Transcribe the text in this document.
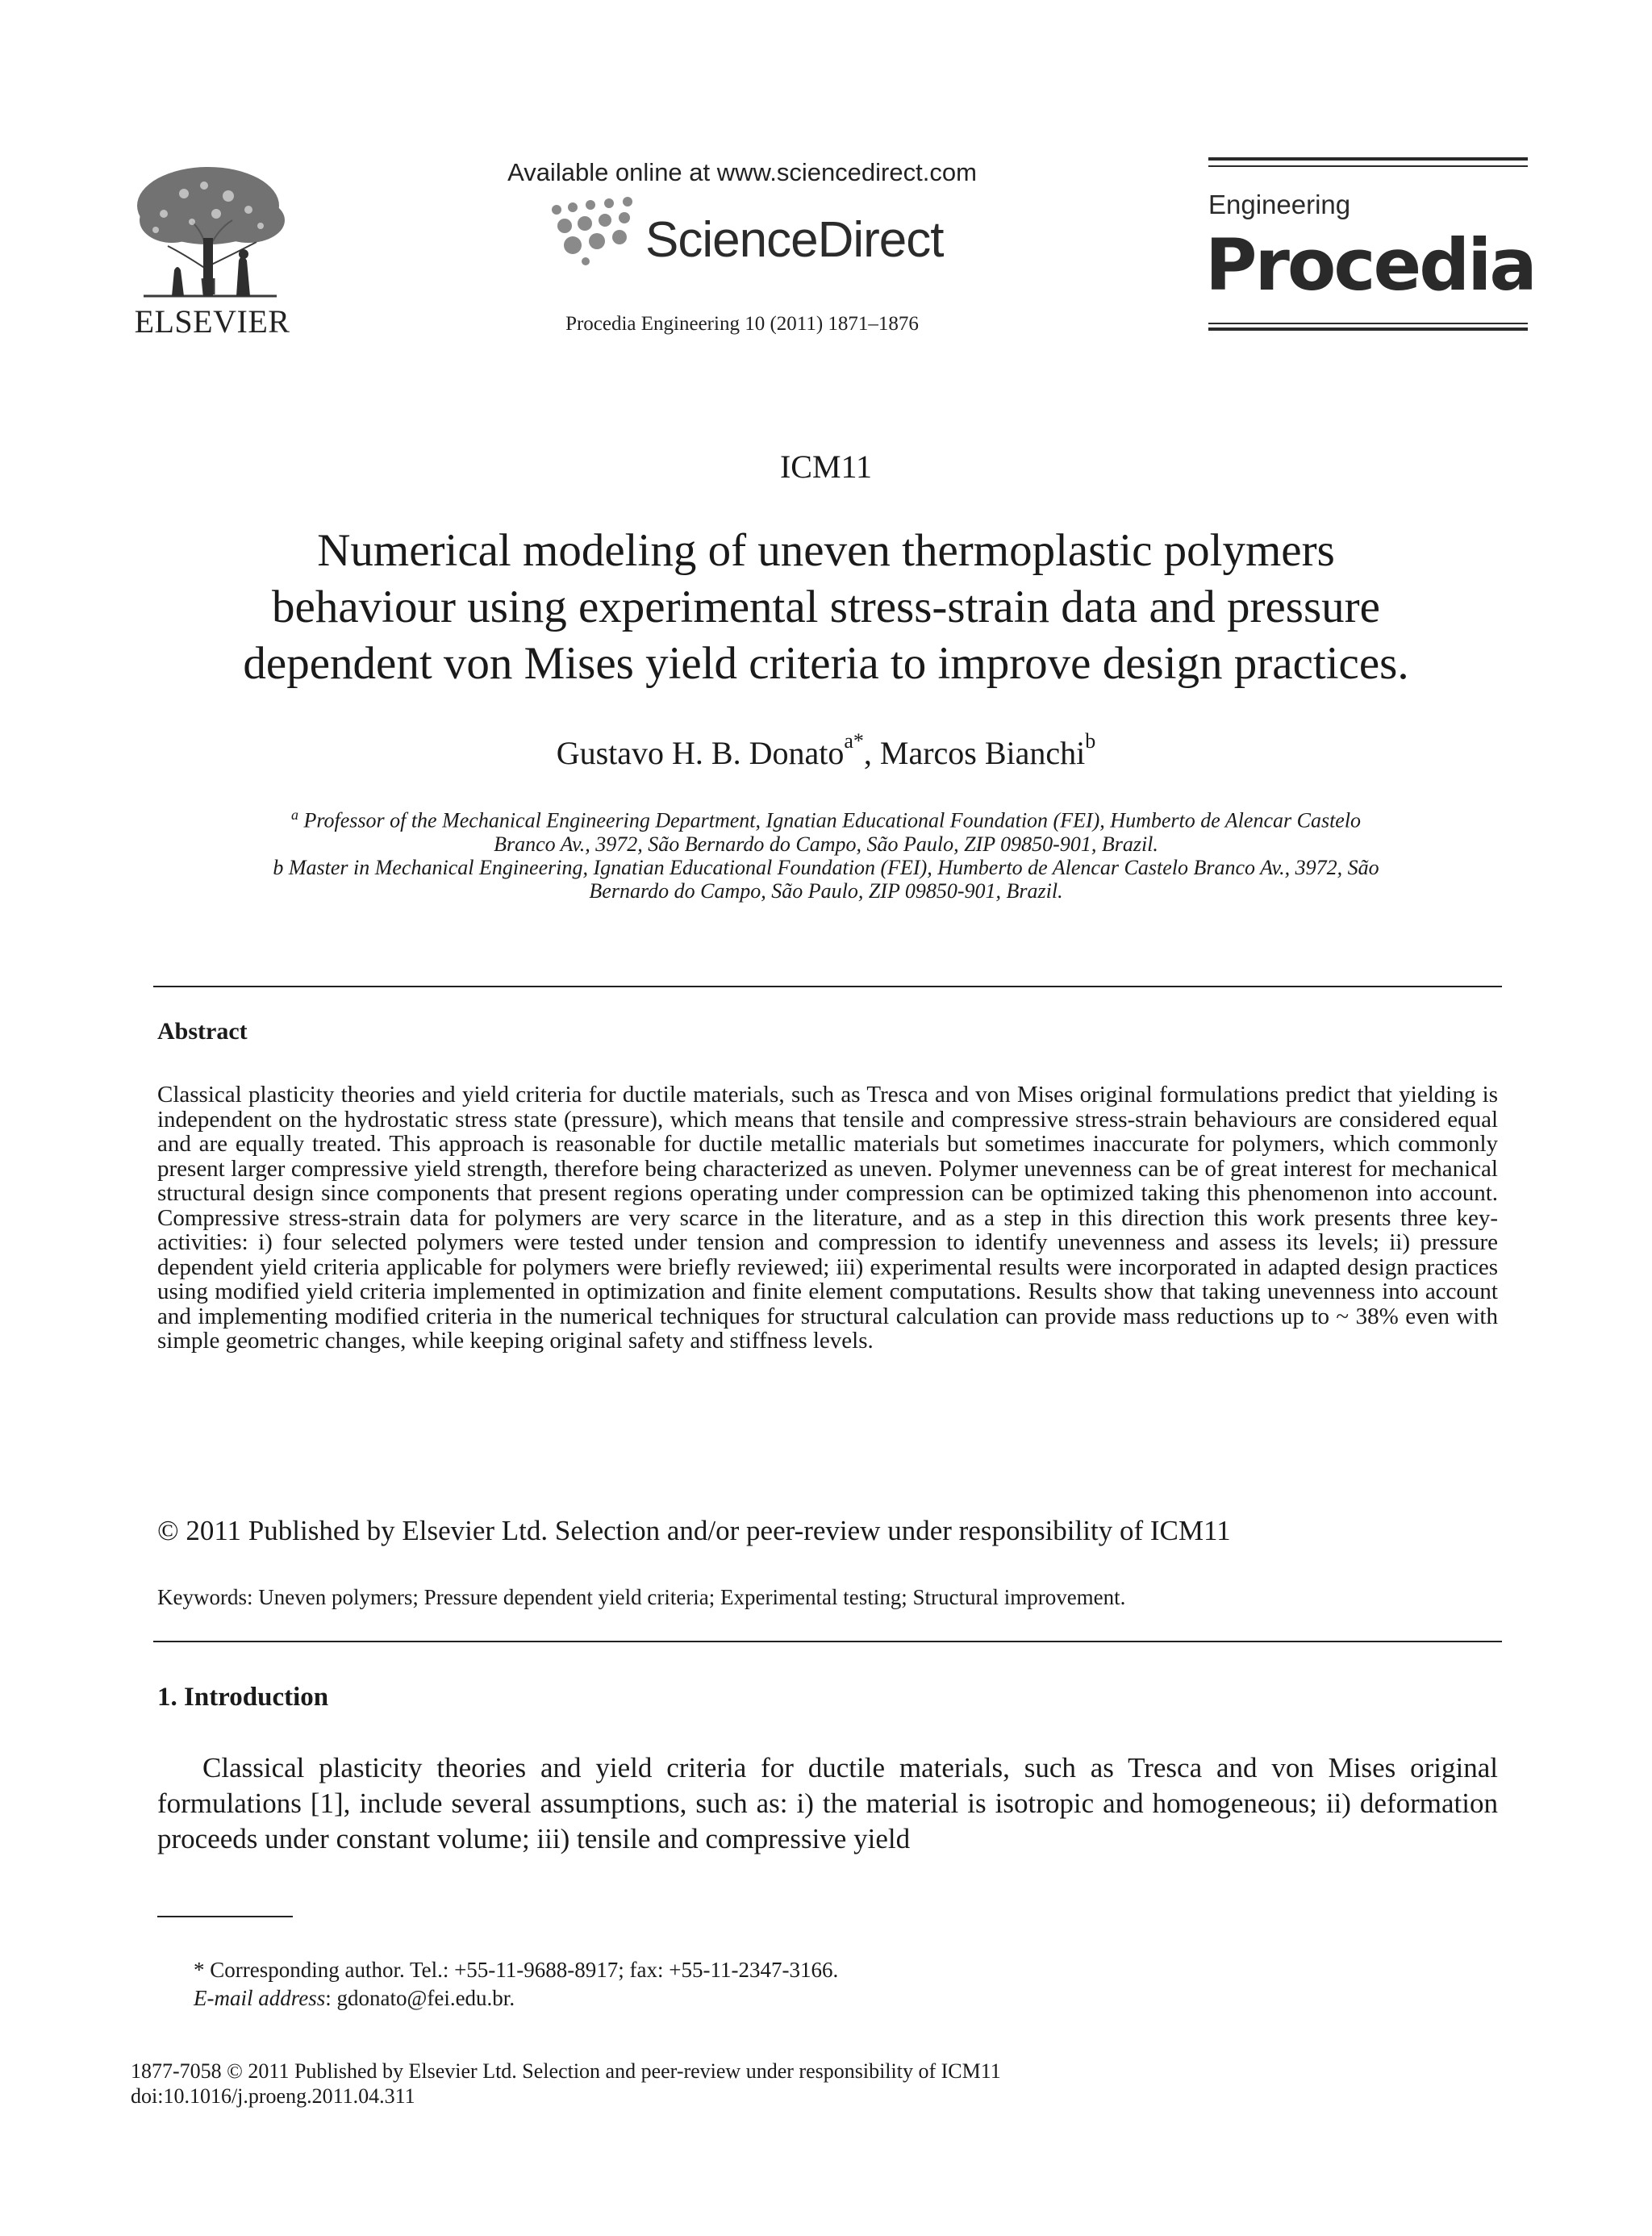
ELSEVIER
Available online at www.sciencedirect.com
ScienceDirect
Procedia Engineering 10 (2011) 1871–1876
Engineering
Procedia
ICM11
Numerical modeling of uneven thermoplastic polymers
behaviour using experimental stress-strain data and pressure
dependent von Mises yield criteria to improve design practices.
Gustavo H. B. Donato$^{a*}$, Marcos Bianchi$^b$
$^a$ Professor of the Mechanical Engineering Department, Ignatian Educational Foundation (FEI), Humberto de Alencar Castelo
Branco Av., 3972, São Bernardo do Campo, São Paulo, ZIP 09850-901, Brazil.
b Master in Mechanical Engineering, Ignatian Educational Foundation (FEI), Humberto de Alencar Castelo Branco Av., 3972, São
Bernardo do Campo, São Paulo, ZIP 09850-901, Brazil.
Abstract
Classical plasticity theories and yield criteria for ductile materials, such as Tresca and von Mises original formulations predict that yielding is independent on the hydrostatic stress state (pressure), which means that tensile and compressive stress-strain behaviours are considered equal and are equally treated. This approach is reasonable for ductile metallic materials but sometimes inaccurate for polymers, which commonly present larger compressive yield strength, therefore being characterized as uneven. Polymer unevenness can be of great interest for mechanical structural design since components that present regions operating under compression can be optimized taking this phenomenon into account. Compressive stress-strain data for polymers are very scarce in the literature, and as a step in this direction this work presents three key-activities: i) four selected polymers were tested under tension and compression to identify unevenness and assess its levels; ii) pressure dependent yield criteria applicable for polymers were briefly reviewed; iii) experimental results were incorporated in adapted design practices using modified yield criteria implemented in optimization and finite element computations. Results show that taking unevenness into account and implementing modified criteria in the numerical techniques for structural calculation can provide mass reductions up to ~ 38% even with simple geometric changes, while keeping original safety and stiffness levels.
© 2011 Published by Elsevier Ltd. Selection and/or peer-review under responsibility of ICM11
Keywords: Uneven polymers; Pressure dependent yield criteria; Experimental testing; Structural improvement.
1. Introduction
Classical plasticity theories and yield criteria for ductile materials, such as Tresca and von Mises original formulations [1], include several assumptions, such as: i) the material is isotropic and homogeneous; ii) deformation proceeds under constant volume; iii) tensile and compressive yield
* Corresponding author. Tel.: +55-11-9688-8917; fax: +55-11-2347-3166.
E-mail address: gdonato@fei.edu.br.
1877-7058 © 2011 Published by Elsevier Ltd. Selection and peer-review under responsibility of ICM11
doi:10.1016/j.proeng.2011.04.311
